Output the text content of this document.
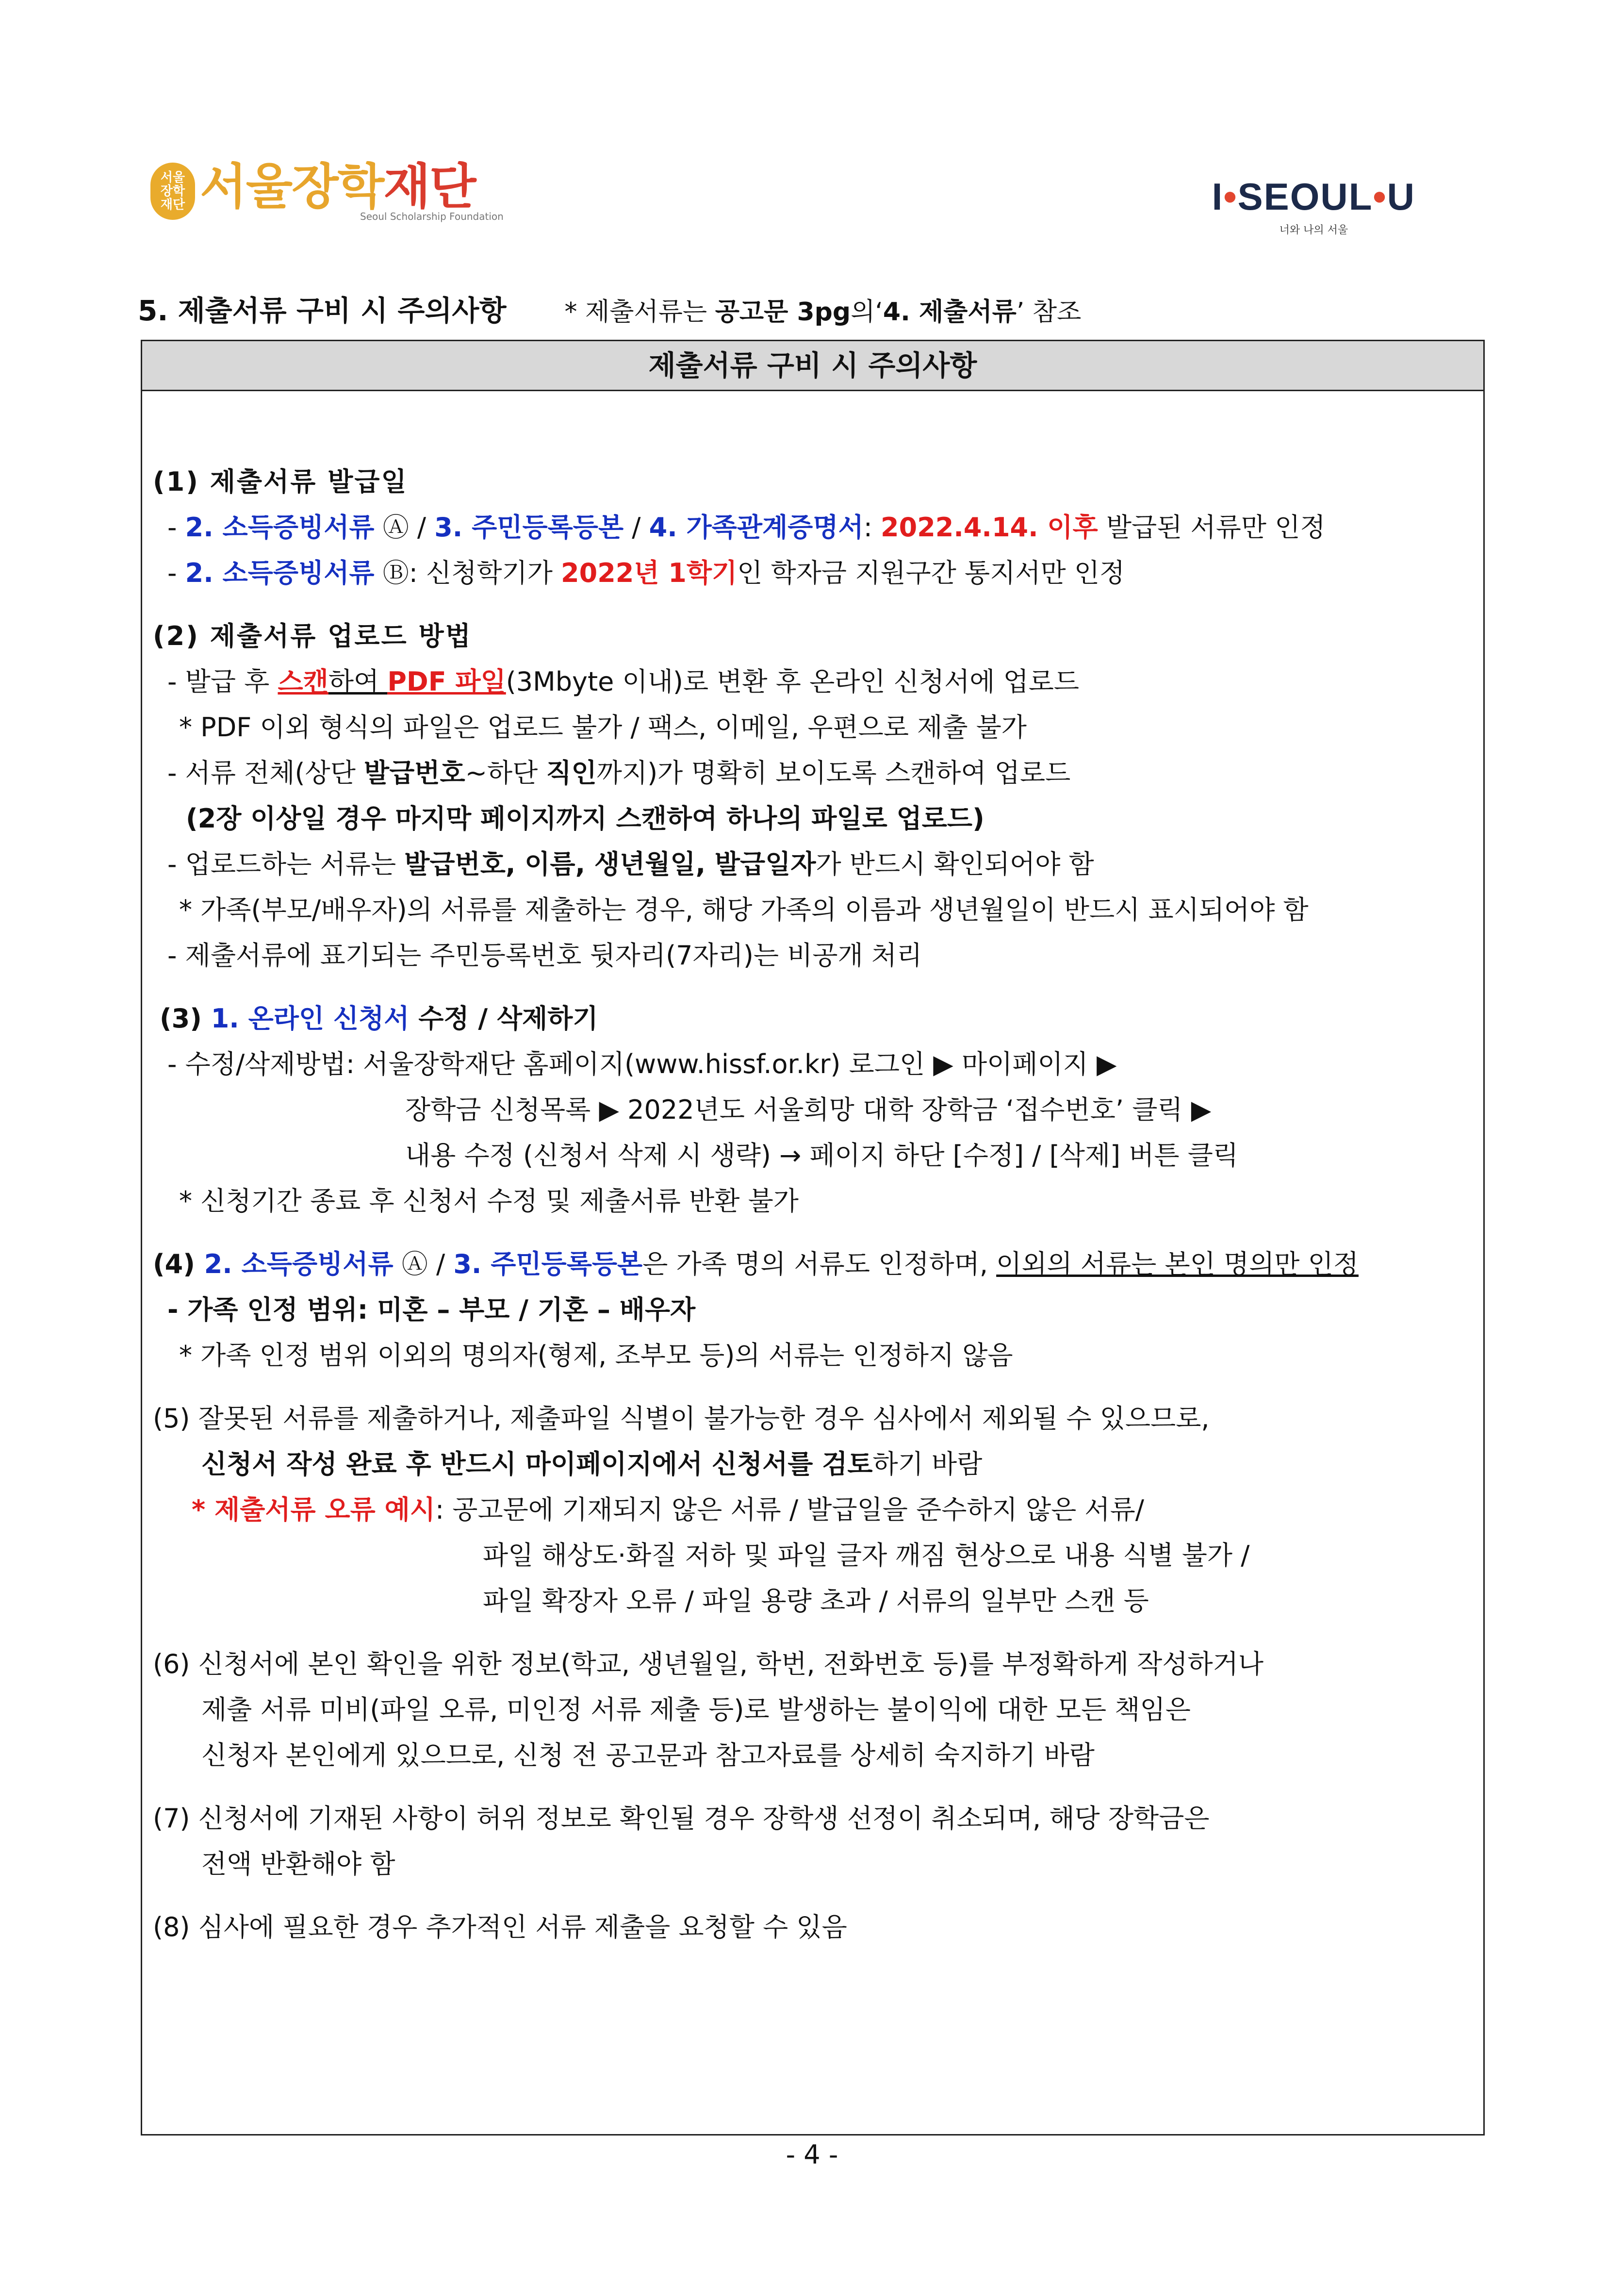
서울
장학
재단 서울장학재단
Seoul Scholarship Foundation	I•SEOUL•U
너와 나의 서울
5. 제출서류 구비 시 주의사항 * 제출서류는 공고문 3pg의‘4. 제출서류’ 참조
제출서류 구비 시 주의사항
(1) 제출서류 발급일
- 2. 소득증빙서류 Ⓐ / 3. 주민등록등본 / 4. 가족관계증명서: 2022.4.14. 이후 발급된 서류만 인정
- 2. 소득증빙서류 Ⓑ: 신청학기가 2022년 1학기인 학자금 지원구간 통지서만 인정
(2) 제출서류 업로드 방법
- 발급 후 스캔하여 PDF 파일(3Mbyte 이내)로 변환 후 온라인 신청서에 업로드
* PDF 이외 형식의 파일은 업로드 불가 / 팩스, 이메일, 우편으로 제출 불가
- 서류 전체(상단 발급번호~하단 직인까지)가 명확히 보이도록 스캔하여 업로드
(2장 이상일 경우 마지막 페이지까지 스캔하여 하나의 파일로 업로드)
- 업로드하는 서류는 발급번호, 이름, 생년월일, 발급일자가 반드시 확인되어야 함
* 가족(부모/배우자)의 서류를 제출하는 경우, 해당 가족의 이름과 생년월일이 반드시 표시되어야 함
- 제출서류에 표기되는 주민등록번호 뒷자리(7자리)는 비공개 처리
(3) 1. 온라인 신청서 수정 / 삭제하기
- 수정/삭제방법: 서울장학재단 홈페이지(www.hissf.or.kr) 로그인 ▶ 마이페이지 ▶
장학금 신청목록 ▶ 2022년도 서울희망 대학 장학금 ‘접수번호’ 클릭 ▶
내용 수정 (신청서 삭제 시 생략) → 페이지 하단 [수정] / [삭제] 버튼 클릭
* 신청기간 종료 후 신청서 수정 및 제출서류 반환 불가
(4) 2. 소득증빙서류 Ⓐ / 3. 주민등록등본은 가족 명의 서류도 인정하며, 이외의 서류는 본인 명의만 인정
- 가족 인정 범위: 미혼 – 부모 / 기혼 – 배우자
* 가족 인정 범위 이외의 명의자(형제, 조부모 등)의 서류는 인정하지 않음
(5) 잘못된 서류를 제출하거나, 제출파일 식별이 불가능한 경우 심사에서 제외될 수 있으므로,
신청서 작성 완료 후 반드시 마이페이지에서 신청서를 검토하기 바람
* 제출서류 오류 예시: 공고문에 기재되지 않은 서류 / 발급일을 준수하지 않은 서류/
파일 해상도·화질 저하 및 파일 글자 깨짐 현상으로 내용 식별 불가 /
파일 확장자 오류 / 파일 용량 초과 / 서류의 일부만 스캔 등
(6) 신청서에 본인 확인을 위한 정보(학교, 생년월일, 학번, 전화번호 등)를 부정확하게 작성하거나
제출 서류 미비(파일 오류, 미인정 서류 제출 등)로 발생하는 불이익에 대한 모든 책임은
신청자 본인에게 있으므로, 신청 전 공고문과 참고자료를 상세히 숙지하기 바람
(7) 신청서에 기재된 사항이 허위 정보로 확인될 경우 장학생 선정이 취소되며, 해당 장학금은
전액 반환해야 함
(8) 심사에 필요한 경우 추가적인 서류 제출을 요청할 수 있음
- 4 -
